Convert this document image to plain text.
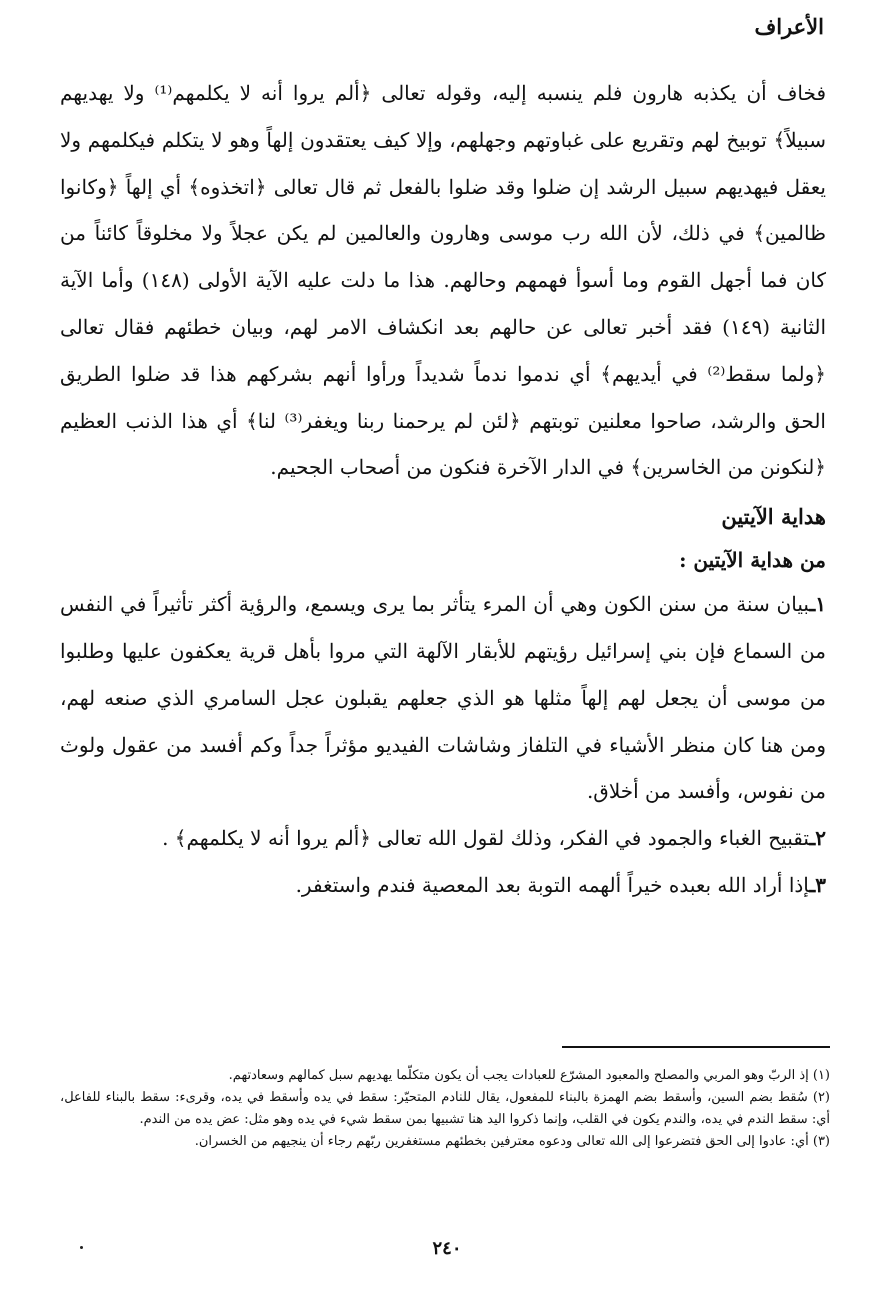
الأعراف

فخاف أن يكذبه هارون فلم ينسبه إليه، وقوله تعالى ﴿ألم يروا أنه لا يكلمهم⁽¹⁾ ولا يهديهم سبيلاً﴾ توبيخ لهم وتقريع على غباوتهم وجهلهم، وإلا كيف يعتقدون إلهاً وهو لا يتكلم فيكلمهم ولا يعقل فيهديهم سبيل الرشد إن ضلوا وقد ضلوا بالفعل ثم قال تعالى ﴿اتخذوه﴾ أي إلهاً ﴿وكانوا ظالمين﴾ في ذلك، لأن الله رب موسى وهارون والعالمين لم يكن عجلاً ولا مخلوقاً كائناً من كان فما أجهل القوم وما أسوأ فهمهم وحالهم. هذا ما دلت عليه الآية الأولى (١٤٨) وأما الآية الثانية (١٤٩) فقد أخبر تعالى عن حالهم بعد انكشاف الامر لهم، وبيان خطئهم فقال تعالى ﴿ولما سقط⁽²⁾ في أيديهم﴾ أي ندموا ندماً شديداً ورأوا أنهم بشركهم هذا قد ضلوا الطريق الحق والرشد، صاحوا معلنين توبتهم ﴿لئن لم يرحمنا ربنا ويغفر⁽³⁾ لنا﴾ أي هذا الذنب العظيم ﴿لنكونن من الخاسرين﴾ في الدار الآخرة فنكون من أصحاب الجحيم.

هداية الآيتين
من هداية الآيتين :

١ـبيان سنة من سنن الكون وهي أن المرء يتأثر بما يرى ويسمع، والرؤية أكثر تأثيراً في النفس من السماع فإن بني إسرائيل رؤيتهم للأبقار الآلهة التي مروا بأهل قرية يعكفون عليها وطلبوا من موسى أن يجعل لهم إلهاً مثلها هو الذي جعلهم يقبلون عجل السامري الذي صنعه لهم، ومن هنا كان منظر الأشياء في التلفاز وشاشات الفيديو مؤثراً جداً وكم أفسد من عقول ولوث من نفوس، وأفسد من أخلاق.

٢ـتقبيح الغباء والجمود في الفكر، وذلك لقول الله تعالى ﴿ألم يروا أنه لا يكلمهم﴾ .

٣ـإذا أراد الله بعبده خيراً ألهمه التوبة بعد المعصية فندم واستغفر.

(١) إذ الربّ وهو المربي والمصلح والمعبود المشرّع للعبادات يجب أن يكون متكلّما يهديهم سبل كمالهم وسعادتهم.

(٢) سُقط بضم السين، وأسقط بضم الهمزة بالبناء للمفعول، يقال للنادم المتحيّر: سقط في يده وأسقط في يده، وقرىء: سقط بالبناء للفاعل، أي: سقط الندم في يده، والندم يكون في القلب، وإنما ذكروا اليد هنا تشبيها بمن سقط شيء في يده وهو مثل: عض يده من الندم.

(٣) أي: عادوا إلى الحق فتضرعوا إلى الله تعالى ودعوه معترفين بخطئهم مستغفرين ربّهم رجاء أن ينجيهم من الخسران.

٢٤٠
